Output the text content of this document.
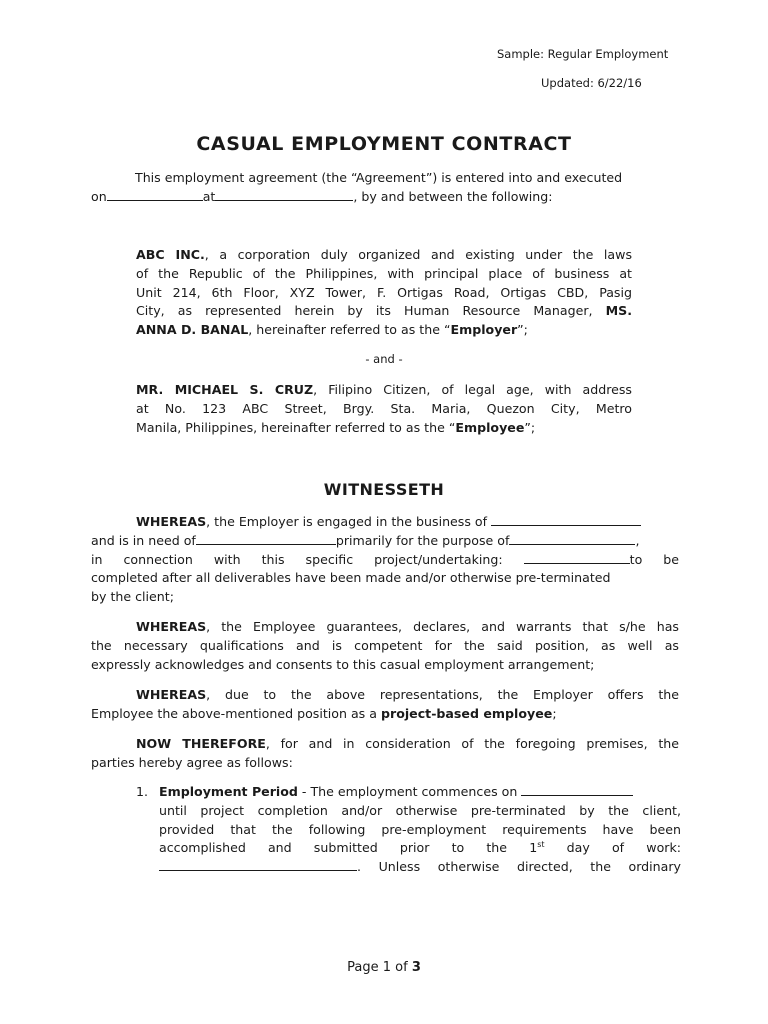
Sample: Regular Employment
Updated: 6/22/16
CASUAL EMPLOYMENT CONTRACT
This employment agreement (the “Agreement”) is entered into and executed
on	at	, by and between the following:
ABC INC., a corporation duly organized and existing under the laws
of the Republic of the Philippines, with principal place of business at
Unit 214, 6th Floor, XYZ Tower, F. Ortigas Road, Ortigas CBD, Pasig
City, as represented herein by its Human Resource Manager, MS.
ANNA D. BANAL, hereinafter referred to as the “Employer”;
- and -
MR. MICHAEL S. CRUZ, Filipino Citizen, of legal age, with address
at No. 123 ABC Street, Brgy. Sta. Maria, Quezon City, Metro
Manila, Philippines, hereinafter referred to as the “Employee”;
WITNESSETH
WHEREAS, the Employer is engaged in the business of
and is in need of	primarily for the purpose of	,
in connection with this specific project/undertaking:	to be
completed after all deliverables have been made and/or otherwise pre-terminated
by the client;
WHEREAS, the Employee guarantees, declares, and warrants that s/he has
the necessary qualifications and is competent for the said position, as well as
expressly acknowledges and consents to this casual employment arrangement;
WHEREAS, due to the above representations, the Employer offers the
Employee the above-mentioned position as a project-based employee;
NOW THEREFORE, for and in consideration of the foregoing premises, the
parties hereby agree as follows:
1. Employment Period - The employment commences on
until project completion and/or otherwise pre-terminated by the client,
provided that the following pre-employment requirements have been
accomplished and submitted prior to the 1st day of work:
. Unless otherwise directed, the ordinary
Page 1 of 3
